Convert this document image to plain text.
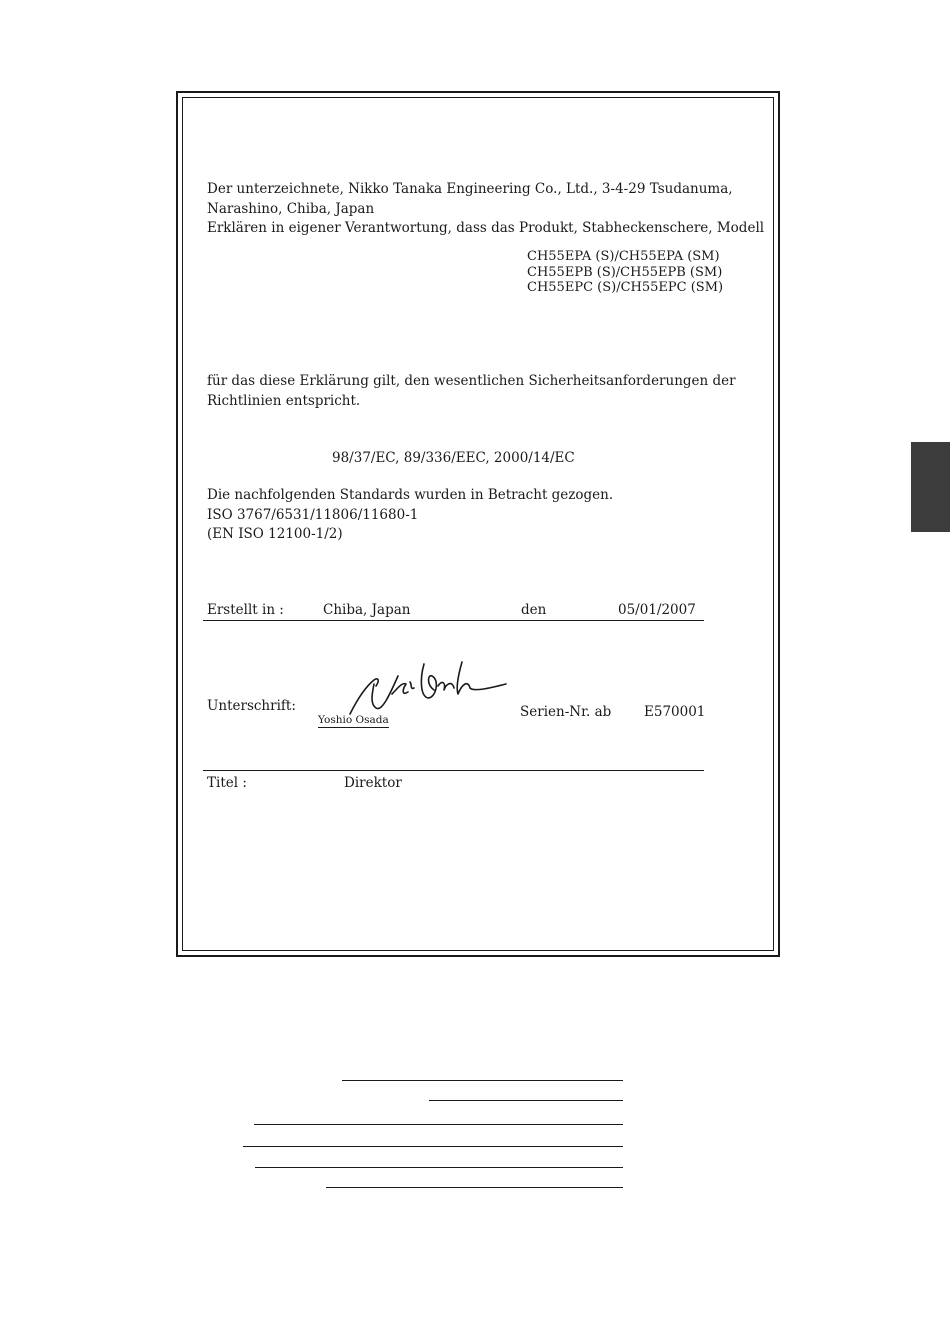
Der unterzeichnete, Nikko Tanaka Engineering Co., Ltd., 3-4-29 Tsudanuma,
Narashino, Chiba, Japan
Erklären in eigener Verantwortung, dass das Produkt, Stabheckenschere, Modell
CH55EPA (S)/CH55EPA (SM)
CH55EPB (S)/CH55EPB (SM)
CH55EPC (S)/CH55EPC (SM)
für das diese Erklärung gilt, den wesentlichen Sicherheitsanforderungen der
Richtlinien entspricht.
98/37/EC, 89/336/EEC, 2000/14/EC
Die nachfolgenden Standards wurden in Betracht gezogen.
ISO 3767/6531/11806/11680-1
(EN ISO 12100-1/2)
Erstellt in :	Chiba, Japan	den	05/01/2007
Unterschrift:
Yoshio Osada	Serien-Nr. ab E570001
Titel :	Direktor
